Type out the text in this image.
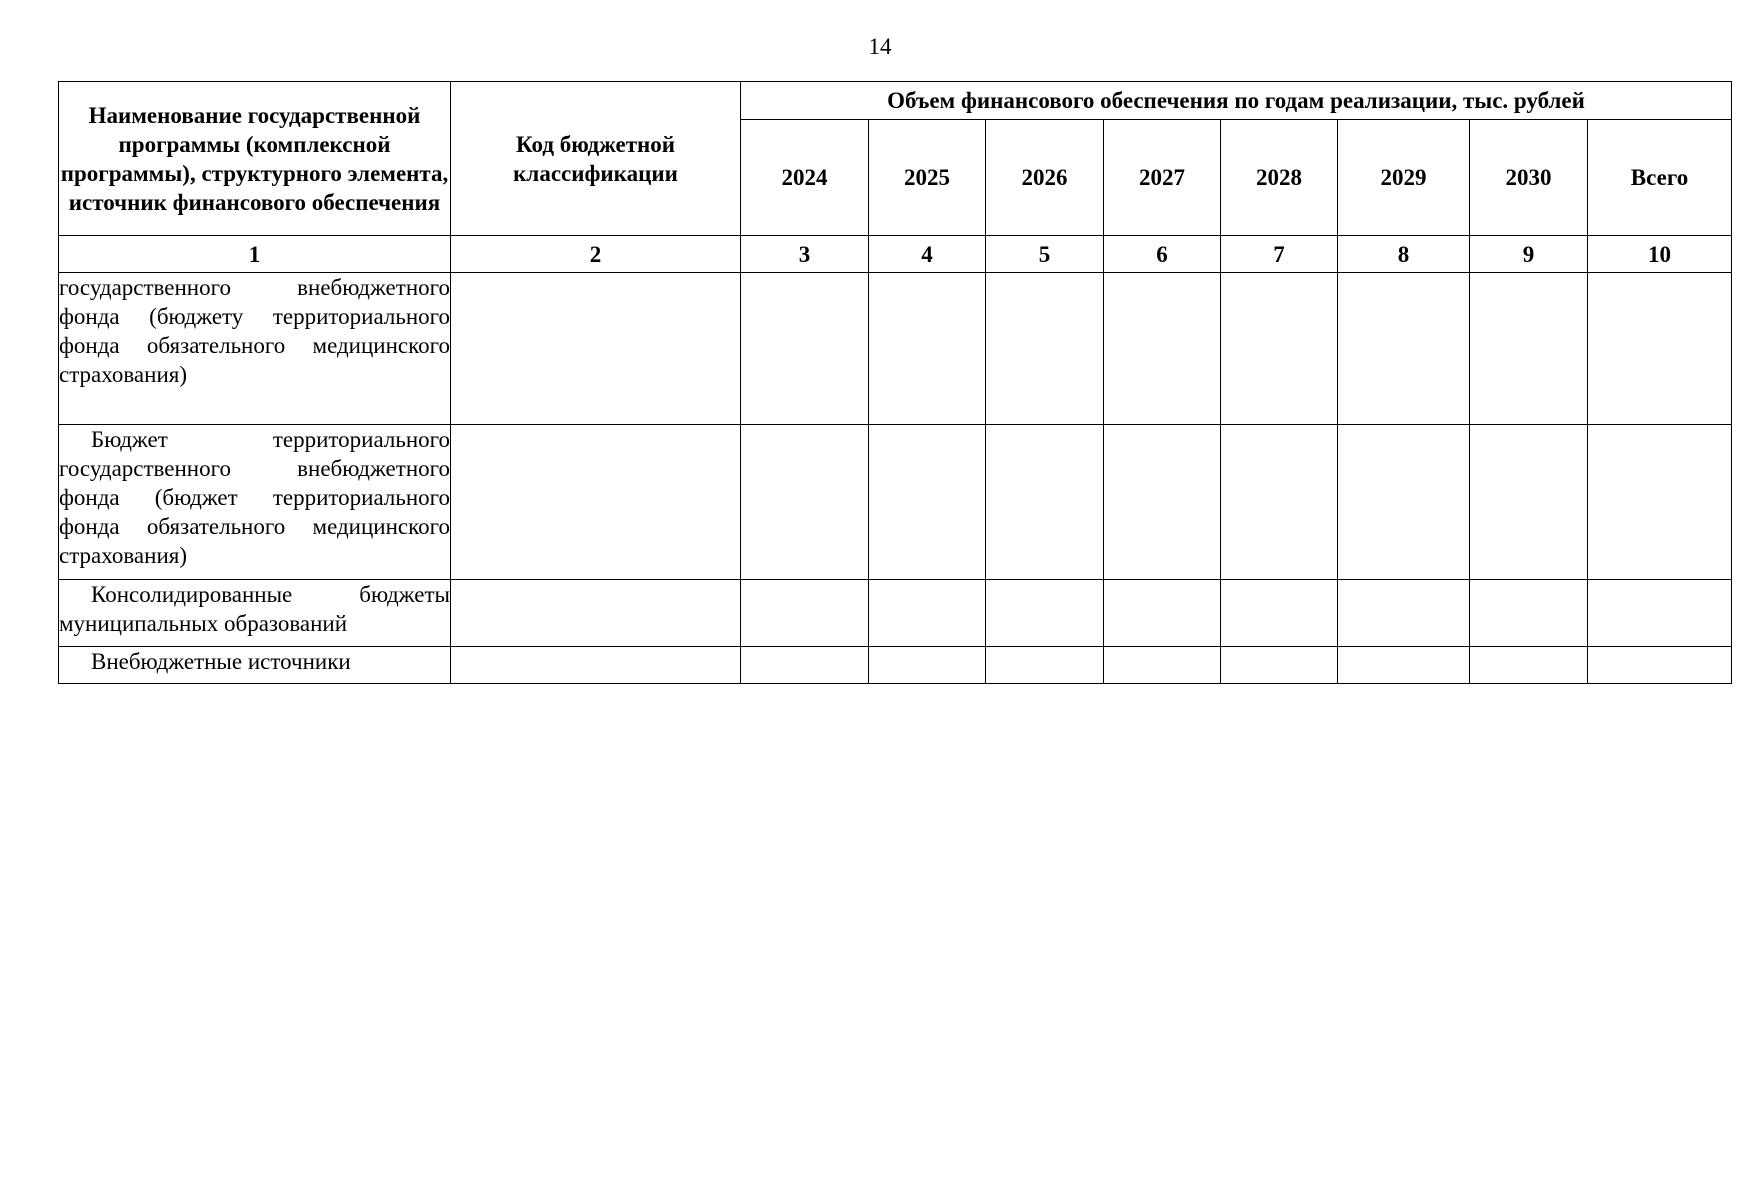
14
Наименование государственной программы (комплексной программы), структурного элемента, источник финансового обеспечения	Код бюджетной классификации	Объем финансового обеспечения по годам реализации, тыс. рублей							
		2024	2025	2026	2027	2028	2029	2030	Всего
1	2	3	4	5	6	7	8	9	10
государственного внебюджетного фонда (бюджету территориального фонда обязательного медицинского страхования)									

Бюджет территориального государственного внебюджетного фонда (бюджет территориального фонда обязательного медицинского страхования)									

Консолидированные бюджеты муниципальных образований									

Внебюджетные источники									
